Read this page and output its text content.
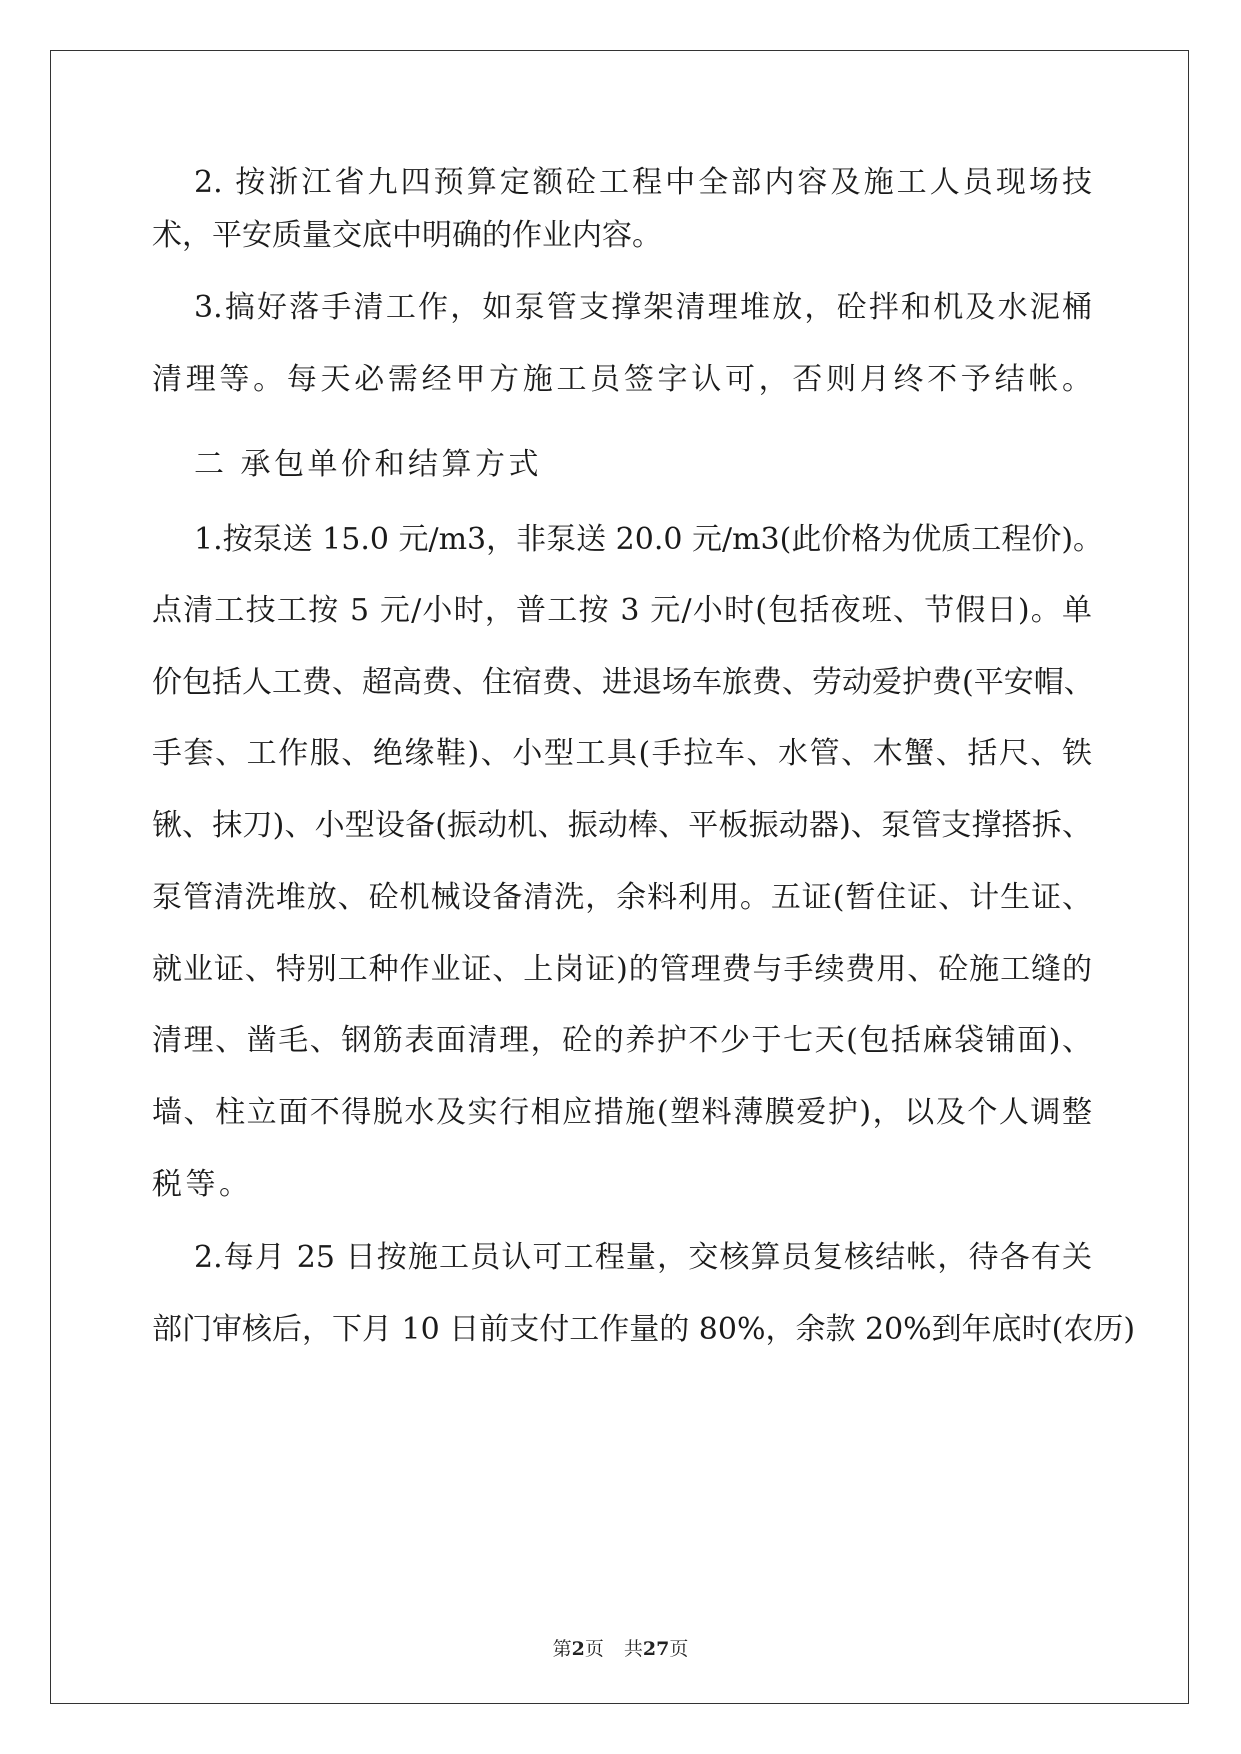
2. 按浙江省九四预算定额砼工程中全部内容及施工人员现场技
术，平安质量交底中明确的作业内容。
3.搞好落手清工作，如泵管支撑架清理堆放，砼拌和机及水泥桶
清理等。每天必需经甲方施工员签字认可，否则月终不予结帐。
二 承包单价和结算方式
1.按泵送 15.0 元/m3，非泵送 20.0 元/m3(此价格为优质工程价)。
点清工技工按 5 元/小时，普工按 3 元/小时(包括夜班、节假日)。单
价包括人工费、超高费、住宿费、进退场车旅费、劳动爱护费(平安帽、
手套、工作服、绝缘鞋)、小型工具(手拉车、水管、木蟹、括尺、铁
锹、抹刀)、小型设备(振动机、振动棒、平板振动器)、泵管支撑搭拆、
泵管清洗堆放、砼机械设备清洗，余料利用。五证(暂住证、计生证、
就业证、特别工种作业证、上岗证)的管理费与手续费用、砼施工缝的
清理、凿毛、钢筋表面清理，砼的养护不少于七天(包括麻袋铺面)、
墙、柱立面不得脱水及实行相应措施(塑料薄膜爱护)，以及个人调整
税等。
2.每月 25 日按施工员认可工程量，交核算员复核结帐，待各有关
部门审核后，下月 10 日前支付工作量的 80%，余款 20%到年底时(农历)
第2页 共27页
